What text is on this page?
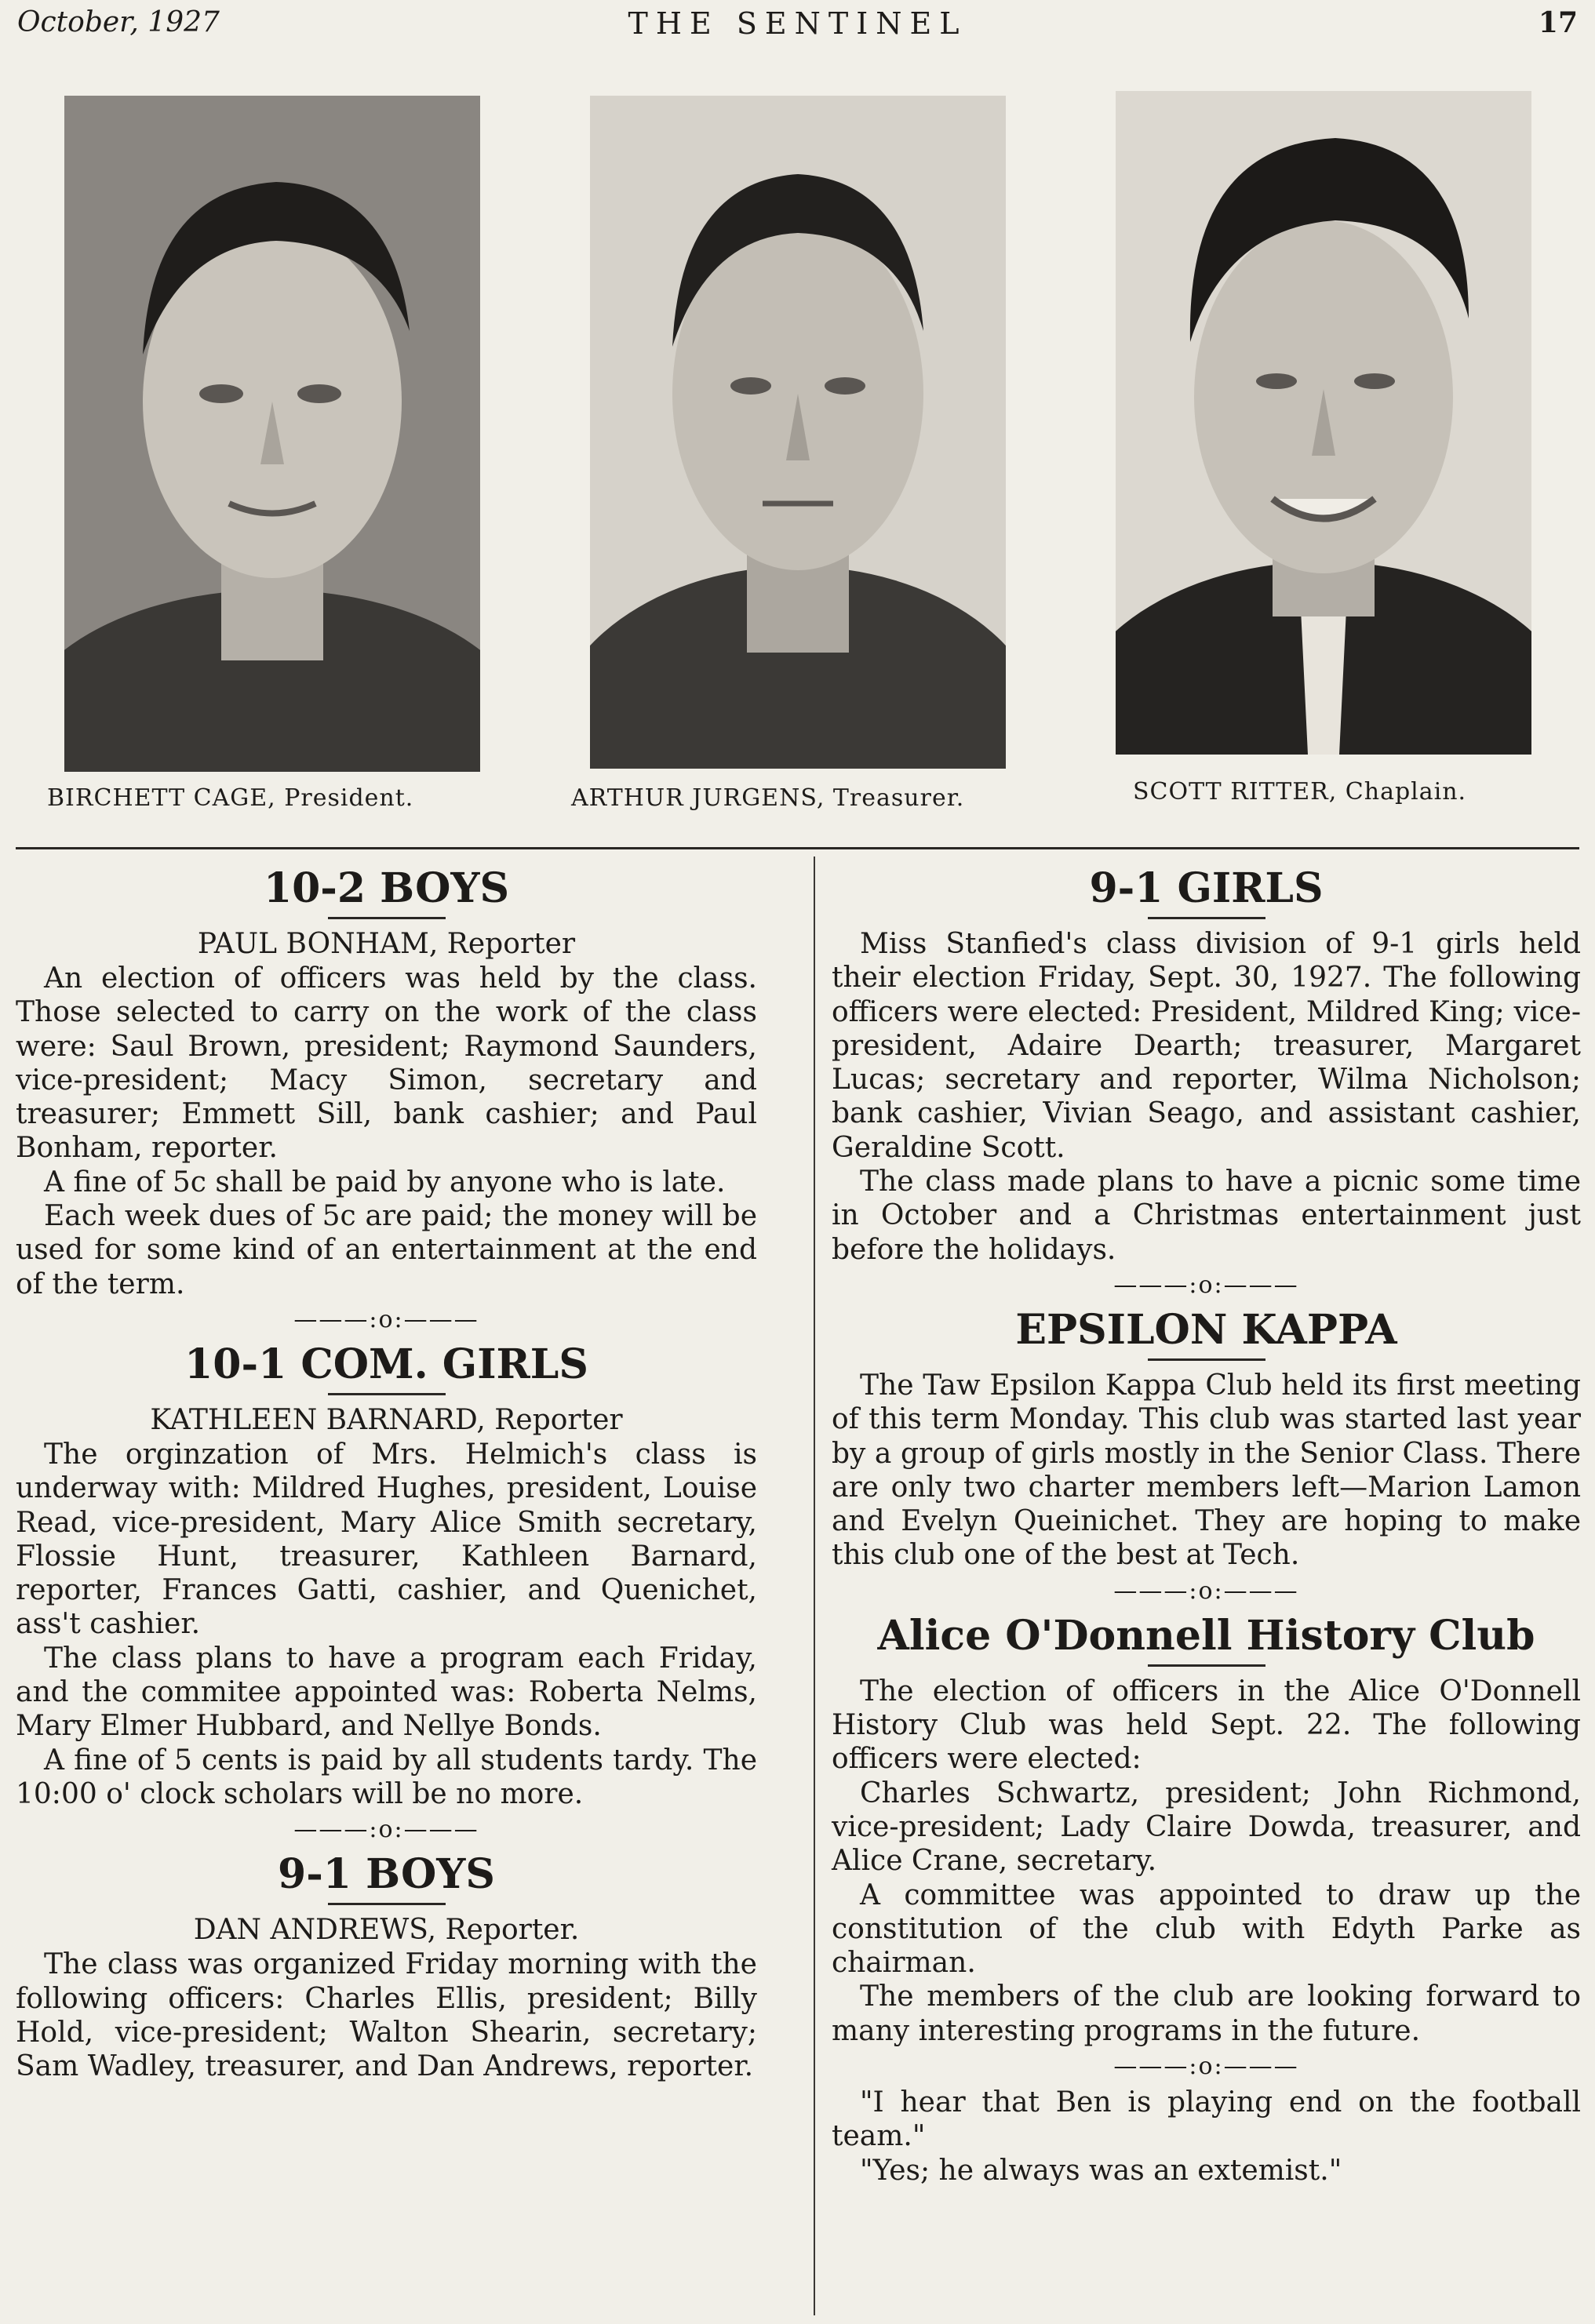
October, 1927	THE SENTINEL	17
BIRCHETT CAGE, President.	ARTHUR JURGENS, Treasurer.	SCOTT RITTER, Chaplain.
10-2 BOYS
PAUL BONHAM, Reporter

An election of officers was held by the class. Those selected to carry on the work of the class were: Saul Brown, president; Raymond Saunders, vice-president; Macy Simon, secretary and treasurer; Emmett Sill, bank cashier; and Paul Bonham, reporter.

A fine of 5c shall be paid by anyone who is late.

Each week dues of 5c are paid; the money will be used for some kind of an entertainment at the end of the term.

———:o:———
10-1 COM. GIRLS
KATHLEEN BARNARD, Reporter

The orginzation of Mrs. Helmich's class is underway with: Mildred Hughes, president, Louise Read, vice-president, Mary Alice Smith secretary, Flossie Hunt, treasurer, Kathleen Barnard, reporter, Frances Gatti, cashier, and Quenichet, ass't cashier.

The class plans to have a program each Friday, and the commitee appointed was: Roberta Nelms, Mary Elmer Hubbard, and Nellye Bonds.

A fine of 5 cents is paid by all students tardy. The 10:00 o' clock scholars will be no more.

———:o:———
9-1 BOYS
DAN ANDREWS, Reporter.

The class was organized Friday morning with the following officers: Charles Ellis, president; Billy Hold, vice-president; Walton Shearin, secretary; Sam Wadley, treasurer, and Dan Andrews, reporter.

9-1 GIRLS

Miss Stanfied's class division of 9-1 girls held their election Friday, Sept. 30, 1927. The following officers were elected: President, Mildred King; vice-president, Adaire Dearth; treasurer, Margaret Lucas; secretary and reporter, Wilma Nicholson; bank cashier, Vivian Seago, and assistant cashier, Geraldine Scott.

The class made plans to have a picnic some time in October and a Christmas entertainment just before the holidays.

———:o:———
EPSILON KAPPA

The Taw Epsilon Kappa Club held its first meeting of this term Monday. This club was started last year by a group of girls mostly in the Senior Class. There are only two charter members left—Marion Lamon and Evelyn Queinichet. They are hoping to make this club one of the best at Tech.

———:o:———
Alice O'Donnell History Club

The election of officers in the Alice O'Donnell History Club was held Sept. 22. The following officers were elected:

Charles Schwartz, president; John Richmond, vice-president; Lady Claire Dowda, treasurer, and Alice Crane, secretary.

A committee was appointed to draw up the constitution of the club with Edyth Parke as chairman.

The members of the club are looking forward to many interesting programs in the future.

———:o:———

"I hear that Ben is playing end on the football team."

"Yes; he always was an extemist."
